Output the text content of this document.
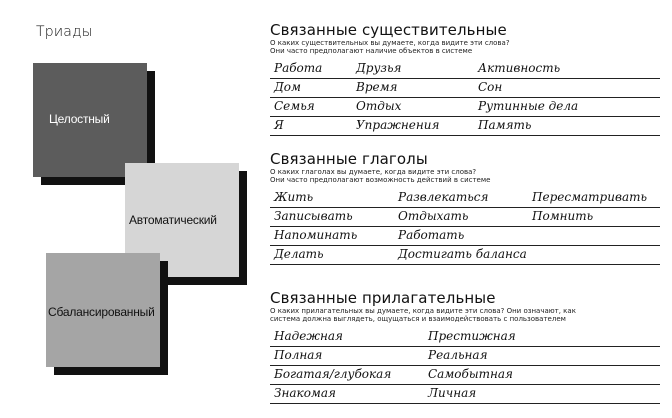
Триады
Целостный
Автоматический
Сбалансированный
Связанные существительные
О каких существительных вы думаете, когда видите эти слова?
Они часто предполагают наличие объектов в системе
Работа	Друзья	Активность
Дом	Время	Сон
Семья	Отдых	Рутинные дела
Я	Упражнения	Память
Связанные глаголы
О каких глаголах вы думаете, когда видите эти слова?
Они часто предполагают возможность действий в системе
Жить	Развлекаться	Пересматривать
Записывать	Отдыхать	Помнить
Напоминать	Работать
Делать	Достигать баланса
Связанные прилагательные
О каких прилагательных вы думаете, когда видите эти слова? Они означают, как
система должна выглядеть, ощущаться и взаимодействовать с пользователем
Надежная	Престижная
Полная	Реальная
Богатая/глубокая	Самобытная
Знакомая	Личная
